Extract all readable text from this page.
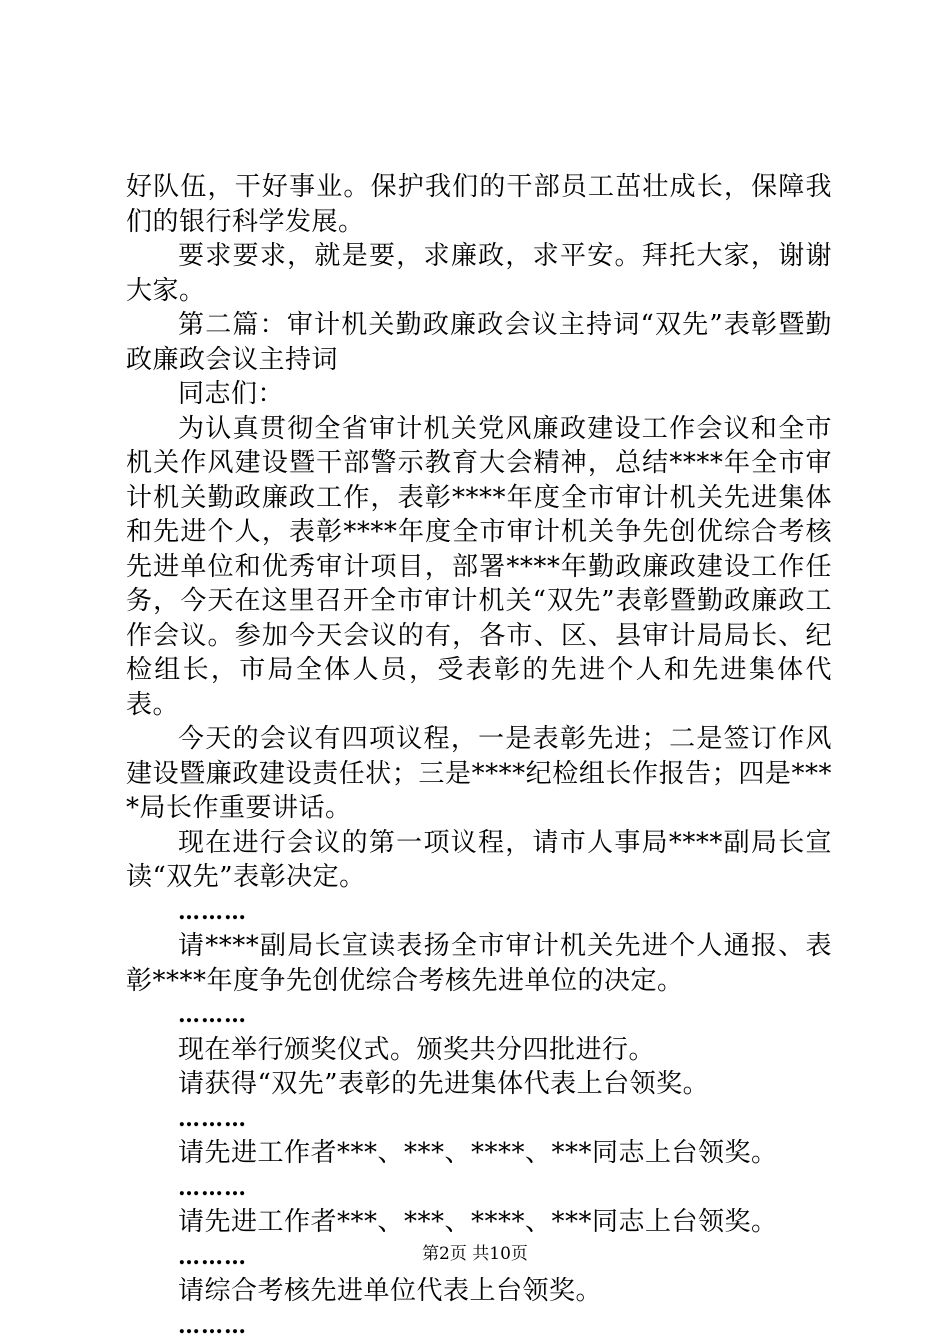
好队伍，干好事业。保护我们的干部员工茁壮成长，保障我们的银行科学发展。

要求要求，就是要，求廉政，求平安。拜托大家，谢谢大家。

第二篇：审计机关勤政廉政会议主持词“双先”表彰暨勤政廉政会议主持词

同志们：

为认真贯彻全省审计机关党风廉政建设工作会议和全市机关作风建设暨干部警示教育大会精神，总结****年全市审计机关勤政廉政工作，表彰****年度全市审计机关先进集体和先进个人，表彰****年度全市审计机关争先创优综合考核先进单位和优秀审计项目，部署****年勤政廉政建设工作任务，今天在这里召开全市审计机关“双先”表彰暨勤政廉政工作会议。参加今天会议的有，各市、区、县审计局局长、纪检组长，市局全体人员，受表彰的先进个人和先进集体代表。

今天的会议有四项议程，一是表彰先进；二是签订作风建设暨廉政建设责任状；三是****纪检组长作报告；四是****局长作重要讲话。

现在进行会议的第一项议程，请市人事局****副局长宣读“双先”表彰决定。

………

请****副局长宣读表扬全市审计机关先进个人通报、表彰****年度争先创优综合考核先进单位的决定。

………

现在举行颁奖仪式。颁奖共分四批进行。

请获得“双先”表彰的先进集体代表上台领奖。

………

请先进工作者***、***、****、***同志上台领奖。

………

请先进工作者***、***、****、***同志上台领奖。

………

请综合考核先进单位代表上台领奖。

………

第2页 共10页
